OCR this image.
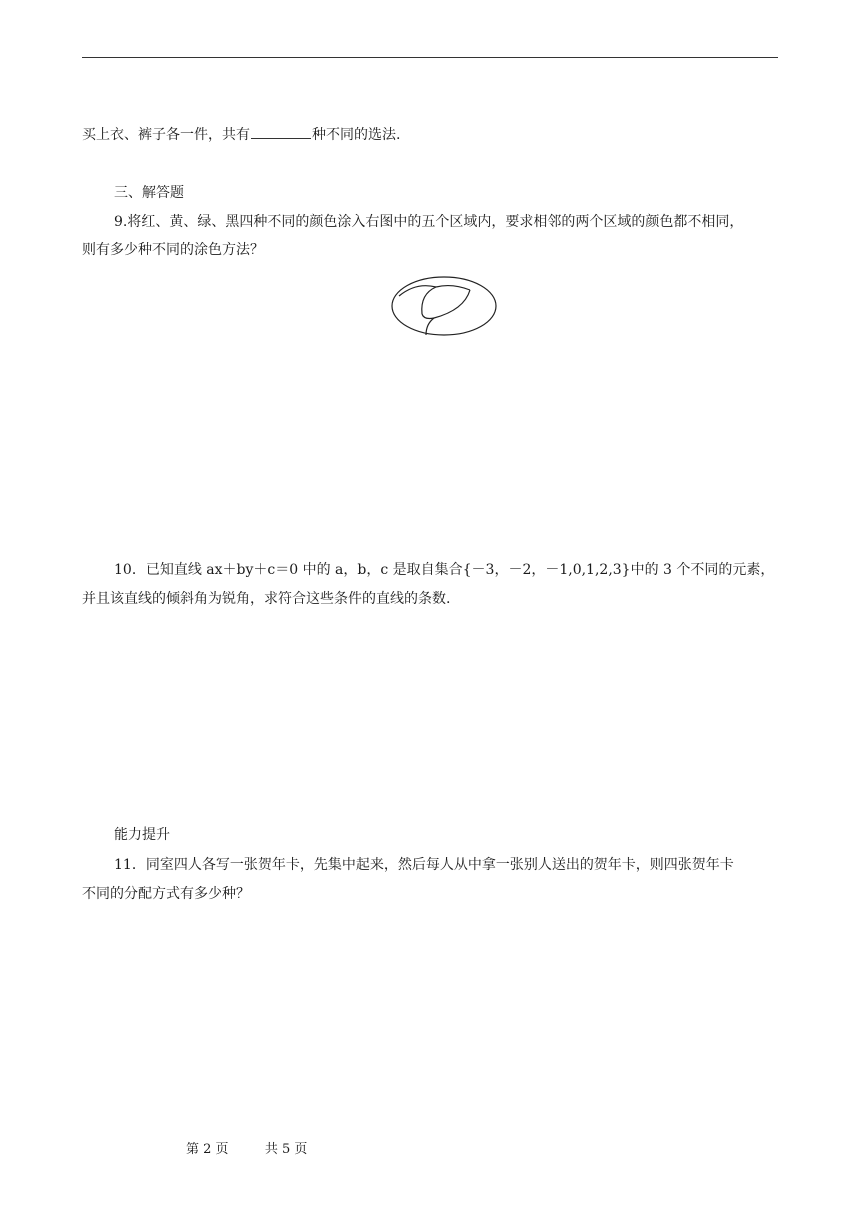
买上衣、裤子各一件，共有	种不同的选法.
三、解答题
9.将红、黄、绿、黑四种不同的颜色涂入右图中的五个区域内，要求相邻的两个区域的颜色都不相同，
则有多少种不同的涂色方法？
10．已知直线 ax＋by＋c＝0 中的 a，b，c 是取自集合{－3，－2，－1,0,1,2,3}中的 3 个不同的元素，
并且该直线的倾斜角为锐角，求符合这些条件的直线的条数.
能力提升
11．同室四人各写一张贺年卡，先集中起来，然后每人从中拿一张别人送出的贺年卡，则四张贺年卡
不同的分配方式有多少种？
第 2 页	共 5 页
